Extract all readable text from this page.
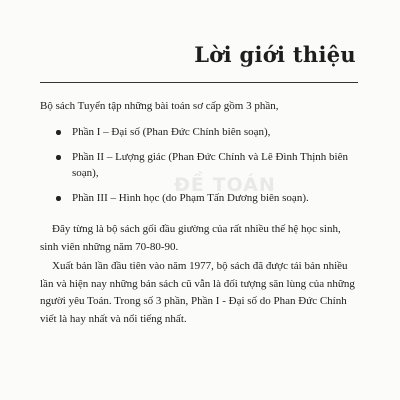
Lời giới thiệu
Bộ sách Tuyển tập những bài toán sơ cấp gồm 3 phần,
Phần I – Đại số (Phan Đức Chính biên soạn),
Phần II – Lượng giác (Phan Đức Chính và Lê Đình Thịnh biên soạn),
Phần III – Hình học (do Phạm Tấn Dương biên soạn).
ĐỀ TOÁN
Đây từng là bộ sách gối đầu giường của rất nhiều thế hệ học sinh, sinh viên những năm 70-80-90.
Xuất bản lần đầu tiên vào năm 1977, bộ sách đã được tái bản nhiều lần và hiện nay những bản sách cũ vẫn là đối tượng săn lùng của những người yêu Toán. Trong số 3 phần, Phần I - Đại số do Phan Đức Chính viết là hay nhất và nổi tiếng nhất.
